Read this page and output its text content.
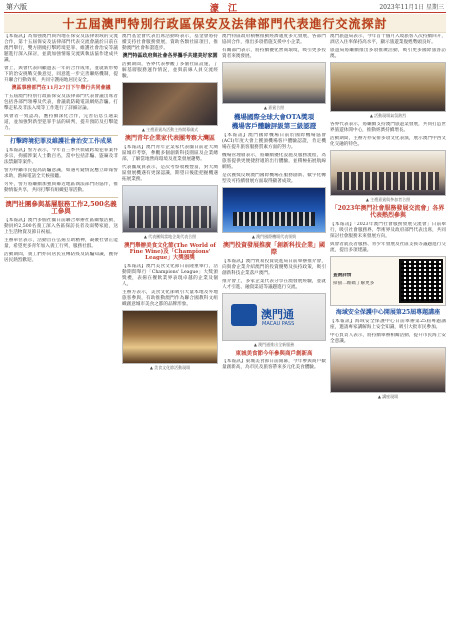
第六版	濠 江	2023年11月1日 星期三
十五屆澳門特別行政區保安及法律部門代表進行交流探討

【本報訊】為加強澳門與內地在保安及法律領域的交流合作，第十五屆保安及法律部門代表交流會議於日前在澳門舉行，雙方圍繞打擊跨境犯罪、維護社會治安等議題進行深入探討，並就加強情報交流與執法協作達成共識。

會上，與會代表回顧過去一年的合作成果，並就新形勢下的治安挑戰交換意見，同意進一步完善聯絡機制，提升聯合行動效率，共同守護兩地居民安全。

澳區事務部門在11月27日下午舉行共同會議

十五屆澳門特別行政區保安及法律部門代表會議出席者包括各部門領導及代表，會議就防範電訊網絡詐騙、打擊走私及非法入境等工作進行了詳細討論。

與會者一致認為，應持續深化合作，完善信息互通渠道，並加強對新型犯罪手法的研判，提升預防及打擊能力。

打擊跨境犯罪及維護社會治安工作成果

【本報訊】警方表示，今年首三季共偵破跨境犯罪案件多宗，拘捕涉案人士數百名，當中包括詐騙、盜竊及非法禁錮等案件。

警方呼籲市民提高防騙意識，如遇可疑情況應立即報警求助，熱線電話全天候接聽。

另外，警方將繼續加強與鄰近地區執法部門的協作，推動情報共享，共同打擊有組織犯罪活動。

澳門社團參與基層服務工作2,500名義工參與

【本報訊】澳門多個社團日前聯合舉辦社區關懷活動，動員約2,500名義工深入各區探訪長者及弱勢家庭，送上生活物資及節日祝福。

主辦單位表示，活動旨在弘揚互助精神，凝聚社會正能量，希望更多青年加入義工行列，服務社群。

活動期間，義工們亦向居民宣傳防疫及防騙知識，獲得居民熱烈歡迎。

澳門基金會代表出席活動時表示，基金會將持續支持社會服務發展，資助各類社區項目，推動澳門社會和諧進步。

澳門特區政府與社會各界攜手共建美好家園

活動期間，各界代表參觀了多個社區設施，了解基層服務運作情況，並與前線人員交流經驗。

▲ 主禮嘉賓為活動主持開幕儀式
澳門青年企業家代表團考察大灣區

【本報訊】澳門青年企業家代表團日前赴大灣區城市考察，參觀多個創新科技園區及企業總部，了解當地營商環境及產業發展趨勢。

代表團成員表示，是次考察收穫豐富，對大灣區發展機遇有更深認識，期望日後能把握機遇拓展業務。

▲ 代表團與當地企業代表合照
澳門舉辦美食文化節(The World of Fine Wine)及「Champions' League」大獎頒獎

【本報訊】澳門美食文化節日前隆重舉行，活動期間舉行「Champions' League」大獎頒獎禮，表揚在餐飲業界表現卓越的企業及個人。

主辦方表示，美食文化節吸引大量本地及外地旅客參與，有助推動澳門作為聯合國教科文組織創意城市美食之都的品牌形象。

▲ 美食文化節活動現場

澳門特區政府積極推動經濟適度多元發展，各部門協同合作，推出多項措施支援中小企業。

有關部門表示，將持續優化營商環境，吸引更多投資者來澳發展。

▲ 嘉賓合照
機場國際全球大會OTA獎項
機場客戶體驗評級第三級認證

【本報訊】澳門國際機場日前於國際機場協會(ACI)年度大會上獲頒機場客戶體驗認證，肯定機場在提升旅客服務質素方面的努力。

機場管理層表示，將繼續優化設施及服務流程，為旅客提供更便捷舒適的出行體驗，並積極拓展航線網絡。

是次獲獎反映澳門國際機場在服務創新、數字化轉型及可持續發展方面取得顯著成效。

▲ 澳門國際機場代表領獎
澳門投資發展推廣「創新科技企業」國際

【本報訊】澳門貿易投資促進局日前舉辦推介會，向與會企業介紹澳門的投資優勢及扶持政策，吸引創新科技企業落戶澳門。

推介會上，多家企業代表分享在澳發展經驗，並就人才引進、融資渠道等議題進行交流。

澳門通
MACAU PASS
▲ 澳門通推出全新服務
東城美食節今年參與商戶創新高

【本報訊】東城美食節日前開幕，今年參與商戶數量創新高，為市民及旅客帶來多元化美食體驗。

澳門旅遊局表示，今年首十個月入境旅客人次持續回升，酒店入住率保持高水平，顯示旅遊業復甦勢頭良好。

旅遊局將繼續推出多項推廣活動，吸引更多國際旅客訪澳。

▲ 活動現場氣氛熱烈

各界代表表示，將繼續支持澳門旅遊業發展，共同打造世界旅遊休閒中心，推動經濟持續增長。

活動期間，主辦方亦安排多項文化表演，展示澳門中西文化交融的特色。

▲ 主禮嘉賓與參加者合照
「2023年澳門社會服務發展交流會」各界代表熱烈參與

【本報訊】「2023年澳門社會服務發展交流會」日前舉行，吸引社會服務界、學術界及政府部門代表出席，共同探討社會服務未來發展方向。

與會者就長者服務、青少年發展及社區支援等議題進行交流，提出多項建議。

查詢詳情
掃描二維碼了解更多
海域安全保護中心開展第25屆專題講座

【本報訊】海域安全保護中心日前舉辦第25屆專題講座，邀請專家講解海上安全知識，吸引大批市民參加。

中心負責人表示，將持續舉辦相關活動，提升市民海上安全意識。

▲ 講座現場
